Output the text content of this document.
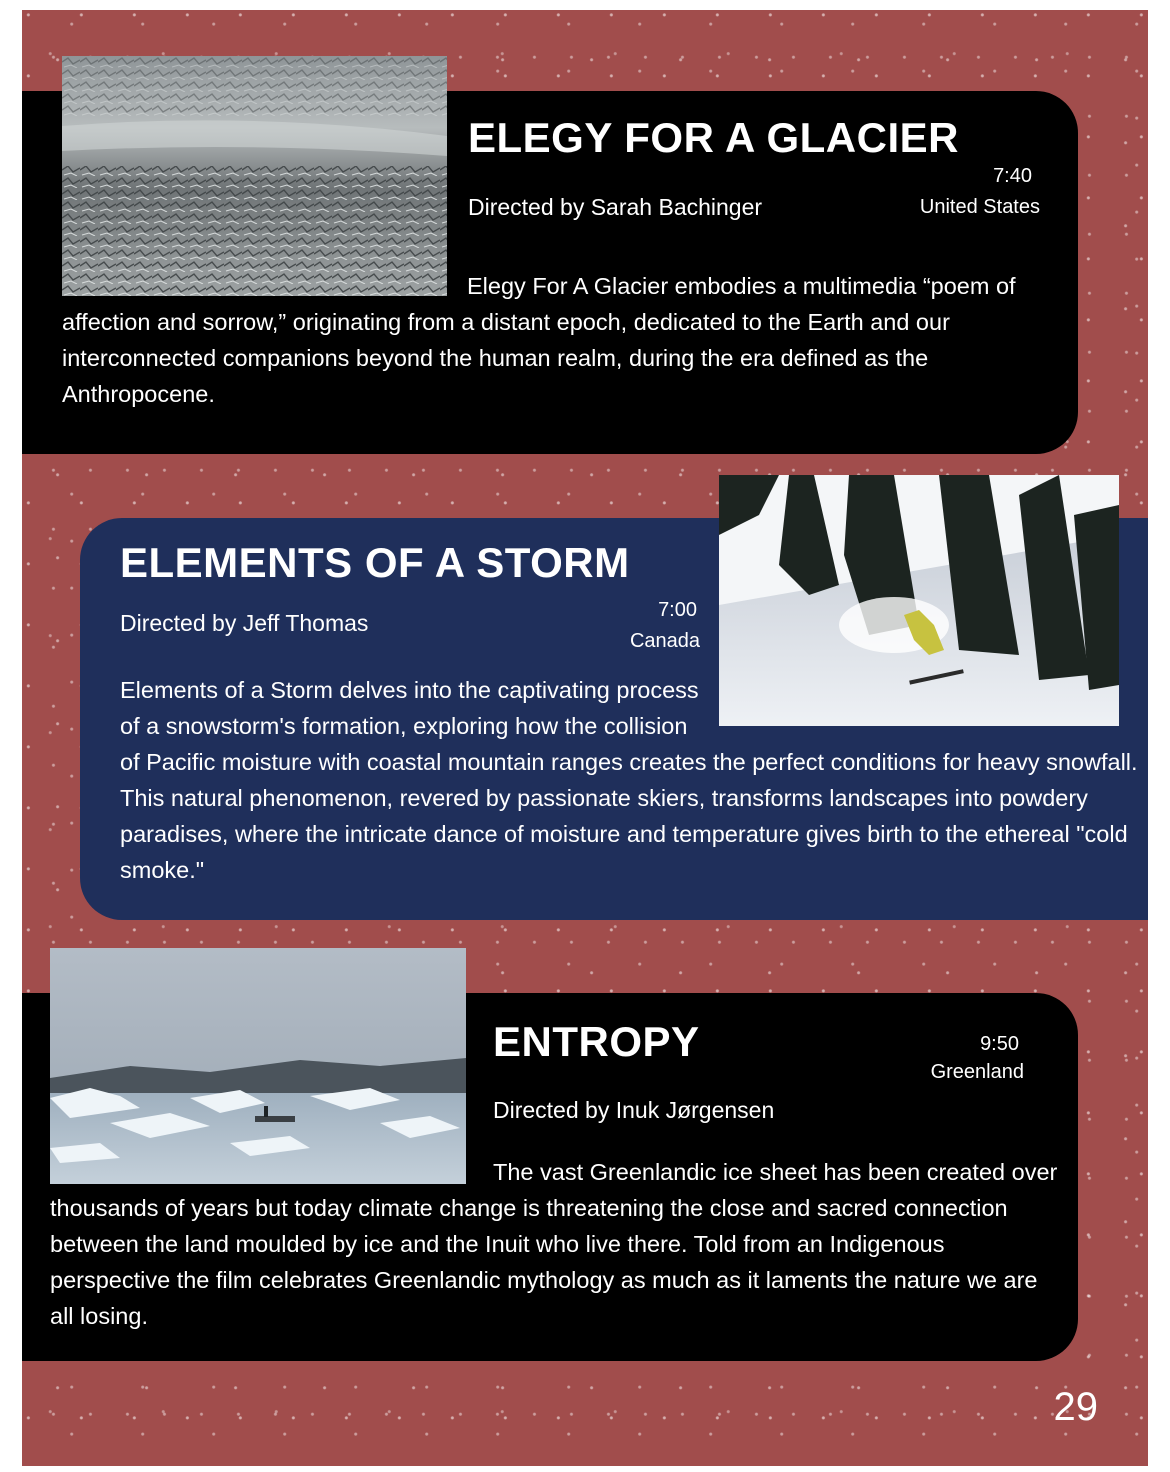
ELEGY FOR A GLACIER
Directed by Sarah Bachinger
7:40
United States

Elegy For A Glacier embodies a multimedia “poem of affection and sorrow,” originating from a distant epoch, dedicated to the Earth and our interconnected companions beyond the human realm, during the era defined as the Anthropocene.

ELEMENTS OF A STORM
Directed by Jeff Thomas	7:00
Canada

Elements of a Storm delves into the captivating process of a snowstorm's formation, exploring how the collision of Pacific moisture with coastal mountain ranges creates the perfect conditions for heavy snowfall. This natural phenomenon, revered by passionate skiers, transforms landscapes into powdery paradises, where the intricate dance of moisture and temperature gives birth to the ethereal "cold smoke."

ENTROPY
Directed by Inuk Jørgensen
9:50
Greenland

The vast Greenlandic ice sheet has been created over thousands of years but today climate change is threatening the close and sacred connection between the land moulded by ice and the Inuit who live there. Told from an Indigenous perspective the film celebrates Greenlandic mythology as much as it laments the nature we are all losing.

29
